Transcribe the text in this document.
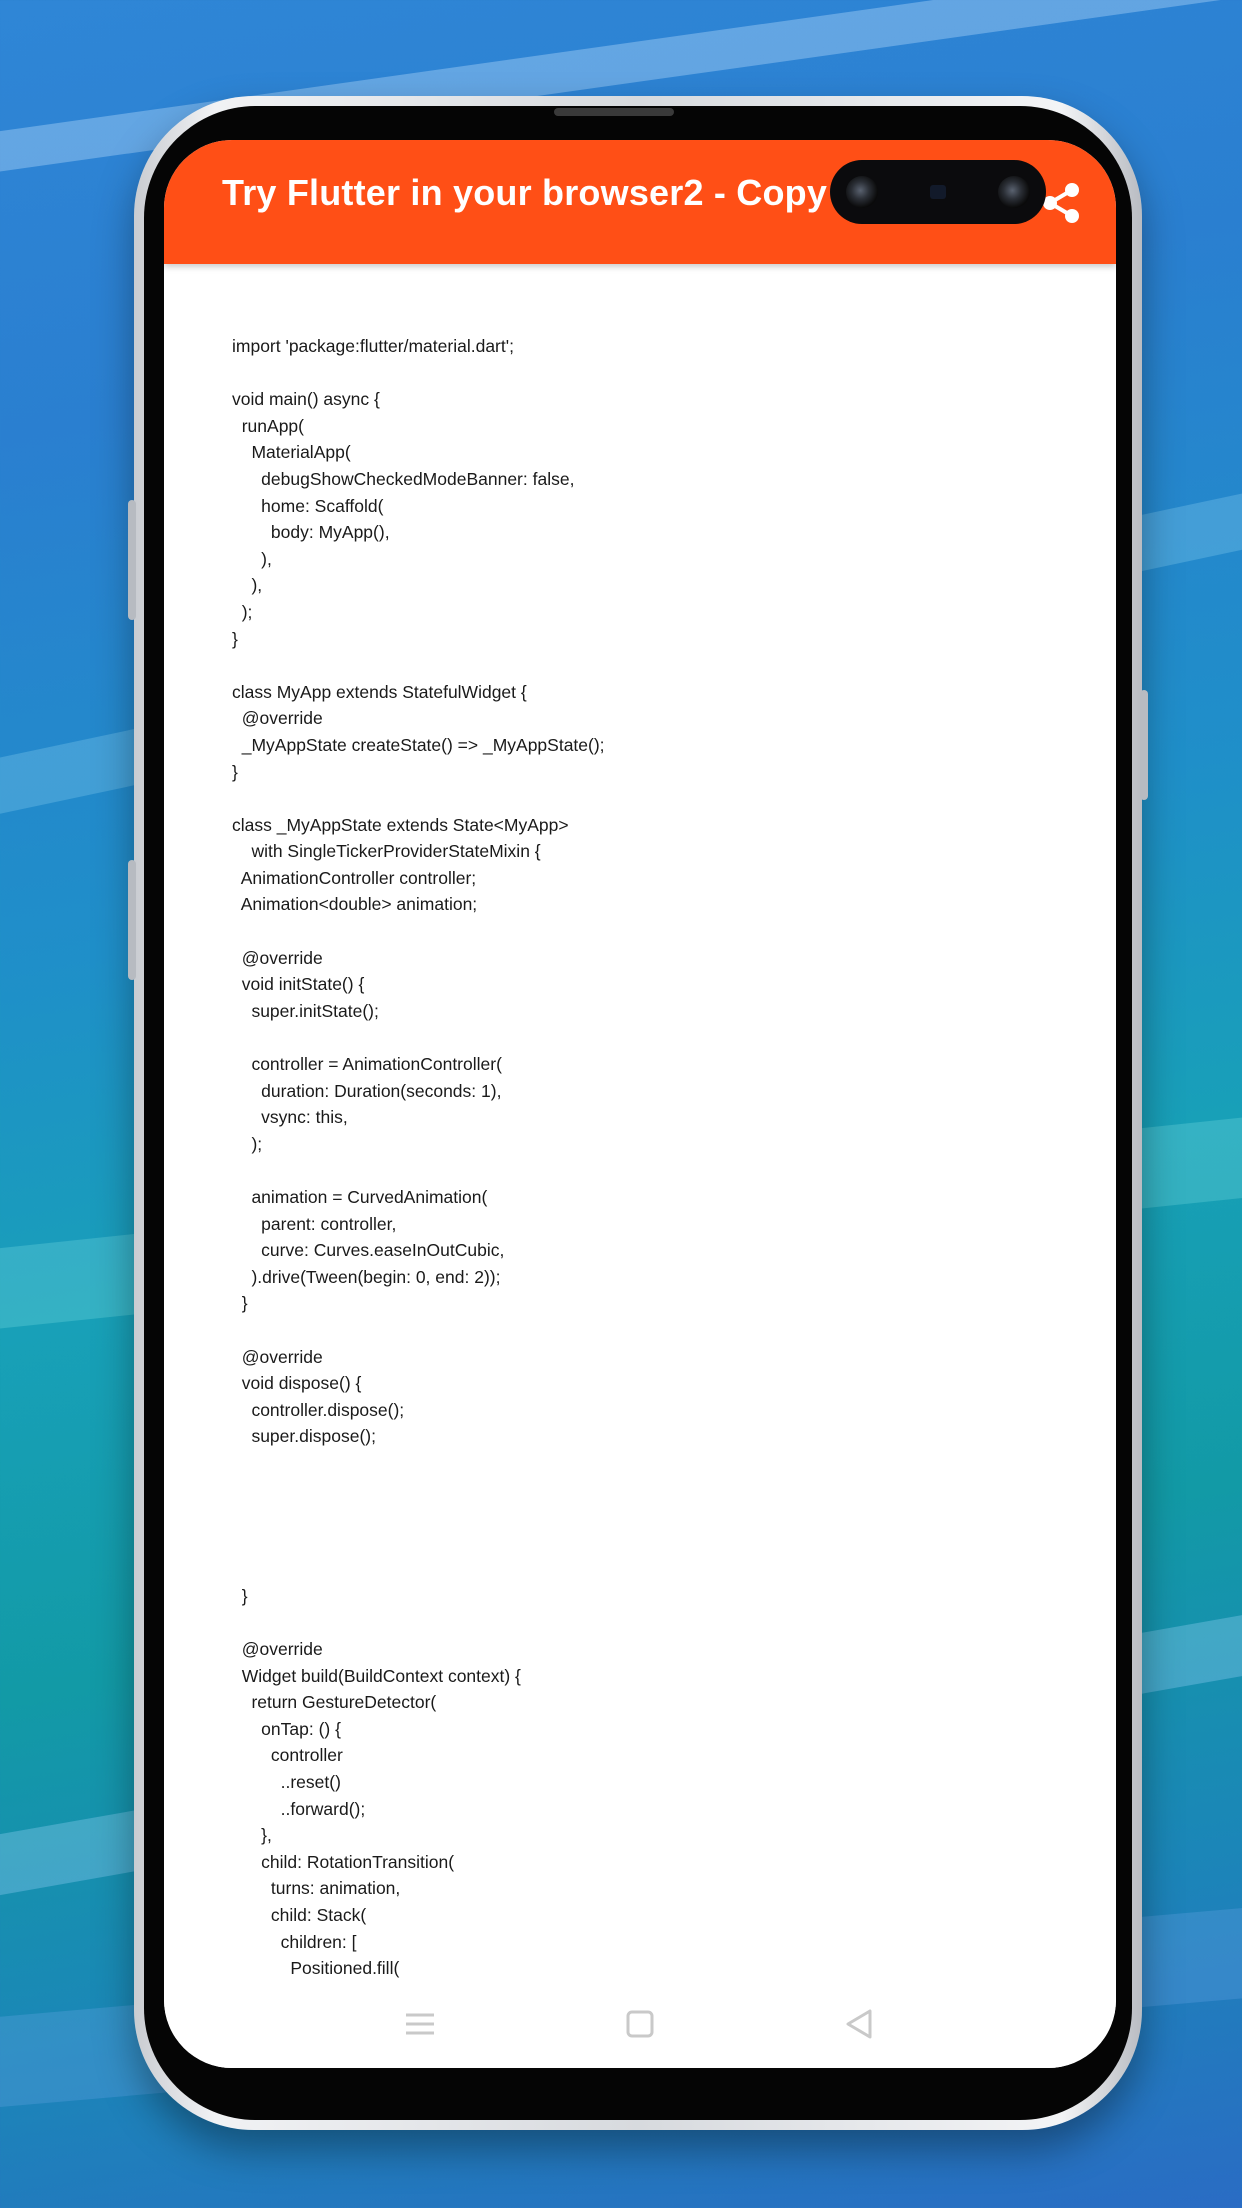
Try Flutter in your browser2 - Copy
import 'package:flutter/material.dart';
void main() async {
runApp(
MaterialApp(
debugShowCheckedModeBanner: false,
home: Scaffold(
body: MyApp(),
),
),
);
}
class MyApp extends StatefulWidget {
@override
_MyAppState createState() => _MyAppState();
}
class _MyAppState extends State<MyApp>
with SingleTickerProviderStateMixin {
AnimationController controller;
Animation<double> animation;
@override
void initState() {
super.initState();
controller = AnimationController(
duration: Duration(seconds: 1),
vsync: this,
);
animation = CurvedAnimation(
parent: controller,
curve: Curves.easeInOutCubic,
).drive(Tween(begin: 0, end: 2));
}
@override
void dispose() {
controller.dispose();
super.dispose();
}
@override
Widget build(BuildContext context) {
return GestureDetector(
onTap: () {
controller
..reset()
..forward();
},
child: RotationTransition(
turns: animation,
child: Stack(
children: [
Positioned.fill(
